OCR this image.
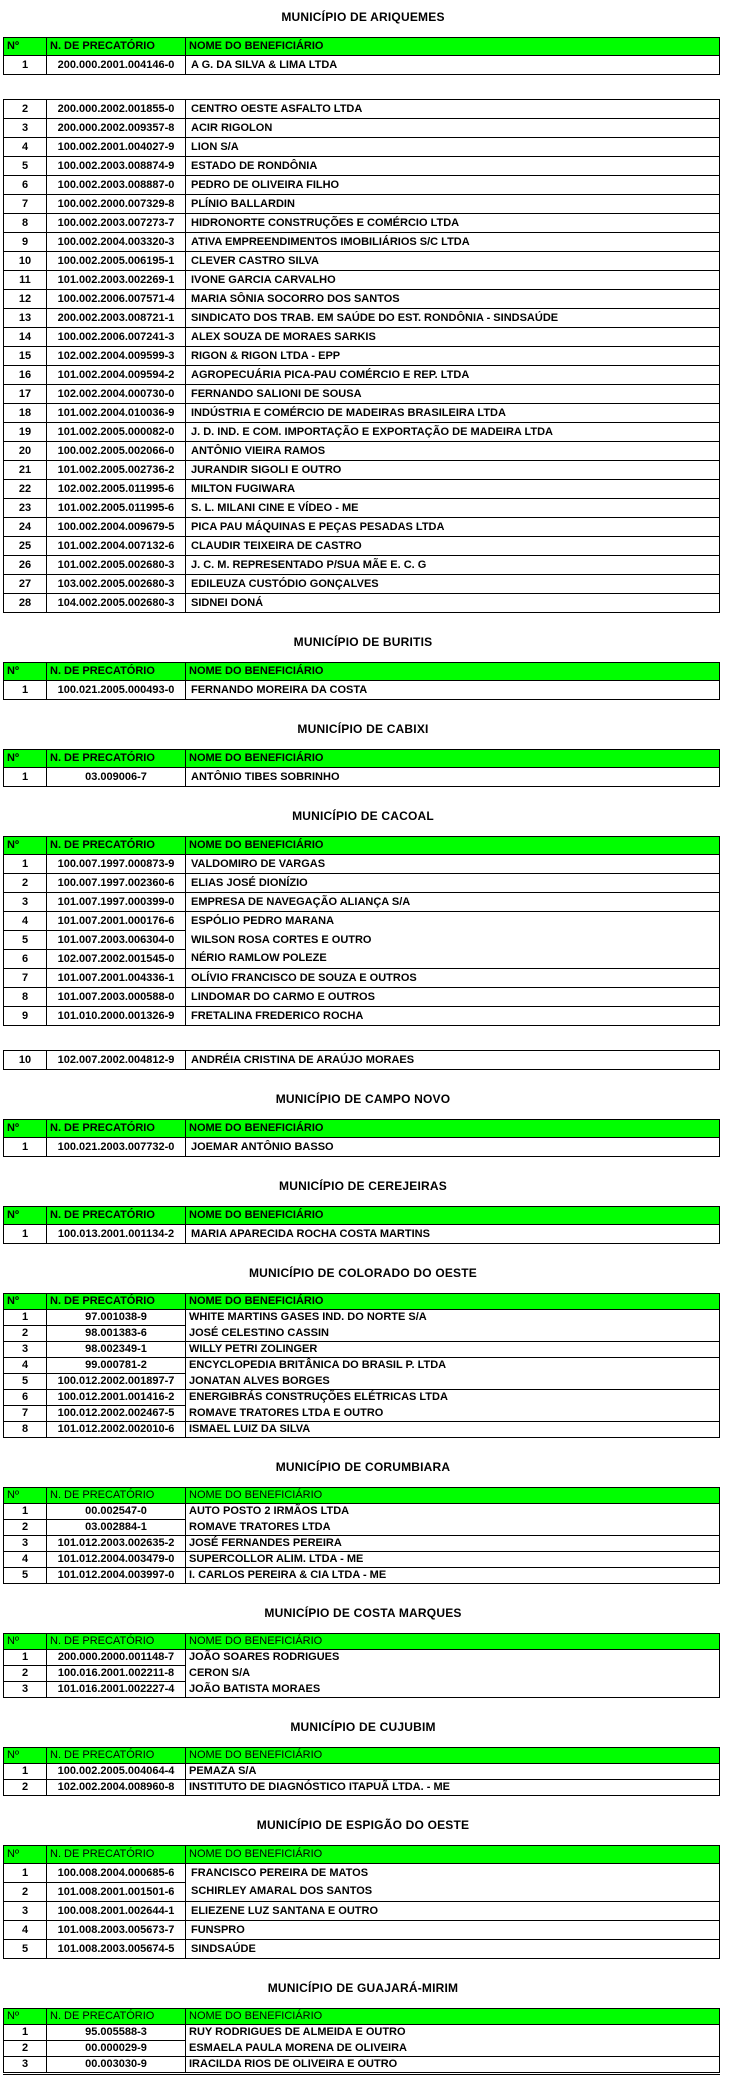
MUNICÍPIO DE ARIQUEMES
Nº	N. DE PRECATÓRIO	NOME DO BENEFICIÁRIO
1	200.000.2001.004146-0	A G. DA SILVA & LIMA LTDA
2	200.000.2002.001855-0	CENTRO OESTE ASFALTO LTDA
3	200.000.2002.009357-8	ACIR RIGOLON
4	100.002.2001.004027-9	LION S/A
5	100.002.2003.008874-9	ESTADO DE RONDÔNIA
6	100.002.2003.008887-0	PEDRO DE OLIVEIRA FILHO
7	100.002.2000.007329-8	PLÍNIO BALLARDIN
8	100.002.2003.007273-7	HIDRONORTE CONSTRUÇÕES E COMÉRCIO LTDA
9	100.002.2004.003320-3	ATIVA EMPREENDIMENTOS IMOBILIÁRIOS S/C LTDA
10	100.002.2005.006195-1	CLEVER CASTRO SILVA
11	101.002.2003.002269-1	IVONE GARCIA CARVALHO
12	100.002.2006.007571-4	MARIA SÔNIA SOCORRO DOS SANTOS
13	200.002.2003.008721-1	SINDICATO DOS TRAB. EM SAÚDE DO EST. RONDÔNIA - SINDSAÚDE
14	100.002.2006.007241-3	ALEX SOUZA DE MORAES SARKIS
15	102.002.2004.009599-3	RIGON & RIGON LTDA - EPP
16	101.002.2004.009594-2	AGROPECUÁRIA PICA-PAU COMÉRCIO E REP. LTDA
17	102.002.2004.000730-0	FERNANDO SALIONI DE SOUSA
18	101.002.2004.010036-9	INDÚSTRIA E COMÉRCIO DE MADEIRAS BRASILEIRA LTDA
19	101.002.2005.000082-0	J. D. IND. E COM. IMPORTAÇÃO E EXPORTAÇÃO DE MADEIRA LTDA
20	100.002.2005.002066-0	ANTÔNIO VIEIRA RAMOS
21	101.002.2005.002736-2	JURANDIR SIGOLI E OUTRO
22	102.002.2005.011995-6	MILTON FUGIWARA
23	101.002.2005.011995-6	S. L. MILANI CINE E VÍDEO - ME
24	100.002.2004.009679-5	PICA PAU MÁQUINAS E PEÇAS PESADAS LTDA
25	101.002.2004.007132-6	CLAUDIR TEIXEIRA DE CASTRO
26	101.002.2005.002680-3	J. C. M. REPRESENTADO P/SUA MÃE E. C. G
27	103.002.2005.002680-3	EDILEUZA CUSTÓDIO GONÇALVES
28	104.002.2005.002680-3	SIDNEI DONÁ
MUNICÍPIO DE BURITIS
Nº	N. DE PRECATÓRIO	NOME DO BENEFICIÁRIO
1	100.021.2005.000493-0	FERNANDO MOREIRA DA COSTA
MUNICÍPIO DE CABIXI
Nº	N. DE PRECATÓRIO	NOME DO BENEFICIÁRIO
1	03.009006-7	ANTÔNIO TIBES SOBRINHO
MUNICÍPIO DE CACOAL
Nº	N. DE PRECATÓRIO	NOME DO BENEFICIÁRIO
1	100.007.1997.000873-9	VALDOMIRO DE VARGAS
2	100.007.1997.002360-6	ELIAS JOSÉ DIONÍZIO
3	101.007.1997.000399-0	EMPRESA DE NAVEGAÇÃO ALIANÇA S/A
4	101.007.2001.000176-6	ESPÓLIO PEDRO MARANA
5	101.007.2003.006304-0	WILSON ROSA CORTES E OUTRO
6	102.007.2002.001545-0	NÉRIO RAMLOW POLEZE
7	101.007.2001.004336-1	OLÍVIO FRANCISCO DE SOUZA E OUTROS
8	101.007.2003.000588-0	LINDOMAR DO CARMO E OUTROS
9	101.010.2000.001326-9	FRETALINA FREDERICO ROCHA
10	102.007.2002.004812-9	ANDRÉIA CRISTINA DE ARAÚJO MORAES
MUNICÍPIO DE CAMPO NOVO
Nº	N. DE PRECATÓRIO	NOME DO BENEFICIÁRIO
1	100.021.2003.007732-0	JOEMAR ANTÔNIO BASSO
MUNICÍPIO DE CEREJEIRAS
Nº	N. DE PRECATÓRIO	NOME DO BENEFICIÁRIO
1	100.013.2001.001134-2	MARIA APARECIDA ROCHA COSTA MARTINS
MUNICÍPIO DE COLORADO DO OESTE
Nº	N. DE PRECATÓRIO	NOME DO BENEFICIÁRIO
1	97.001038-9	WHITE MARTINS GASES IND. DO NORTE S/A
2	98.001383-6	JOSÉ CELESTINO CASSIN
3	98.002349-1	WILLY PETRI ZOLINGER
4	99.000781-2	ENCYCLOPEDIA BRITÂNICA DO BRASIL P. LTDA
5	100.012.2002.001897-7	JONATAN ALVES BORGES
6	100.012.2001.001416-2	ENERGIBRÁS CONSTRUÇÕES ELÉTRICAS LTDA
7	100.012.2002.002467-5	ROMAVE TRATORES LTDA E OUTRO
8	101.012.2002.002010-6	ISMAEL LUIZ DA SILVA
MUNICÍPIO DE CORUMBIARA
Nº	N. DE PRECATÓRIO	NOME DO BENEFICIÁRIO
1	00.002547-0	AUTO POSTO 2 IRMÃOS LTDA
2	03.002884-1	ROMAVE TRATORES LTDA
3	101.012.2003.002635-2	JOSÉ FERNANDES PEREIRA
4	101.012.2004.003479-0	SUPERCOLLOR ALIM. LTDA - ME
5	101.012.2004.003997-0	I. CARLOS PEREIRA & CIA LTDA - ME
MUNICÍPIO DE COSTA MARQUES
Nº	N. DE PRECATÓRIO	NOME DO BENEFICIÁRIO
1	200.000.2000.001148-7	JOÃO SOARES RODRIGUES
2	100.016.2001.002211-8	CERON S/A
3	101.016.2001.002227-4	JOÃO BATISTA MORAES
MUNICÍPIO DE CUJUBIM
Nº	N. DE PRECATÓRIO	NOME DO BENEFICIÁRIO
1	100.002.2005.004064-4	PEMAZA S/A
2	102.002.2004.008960-8	INSTITUTO DE DIAGNÓSTICO ITAPUÃ LTDA. - ME
MUNICÍPIO DE ESPIGÃO DO OESTE
Nº	N. DE PRECATÓRIO	NOME DO BENEFICIÁRIO
1	100.008.2004.000685-6	FRANCISCO PEREIRA DE MATOS
2	101.008.2001.001501-6	SCHIRLEY AMARAL DOS SANTOS
3	100.008.2001.002644-1	ELIEZENE LUZ SANTANA E OUTRO
4	101.008.2003.005673-7	FUNSPRO
5	101.008.2003.005674-5	SINDSAÚDE
MUNICÍPIO DE GUAJARÁ-MIRIM
Nº	N. DE PRECATÓRIO	NOME DO BENEFICIÁRIO
1	95.005588-3	RUY RODRIGUES DE ALMEIDA E OUTRO
2	00.000029-9	ESMAELA PAULA MORENA DE OLIVEIRA
3	00.003030-9	IRACILDA RIOS DE OLIVEIRA E OUTRO
